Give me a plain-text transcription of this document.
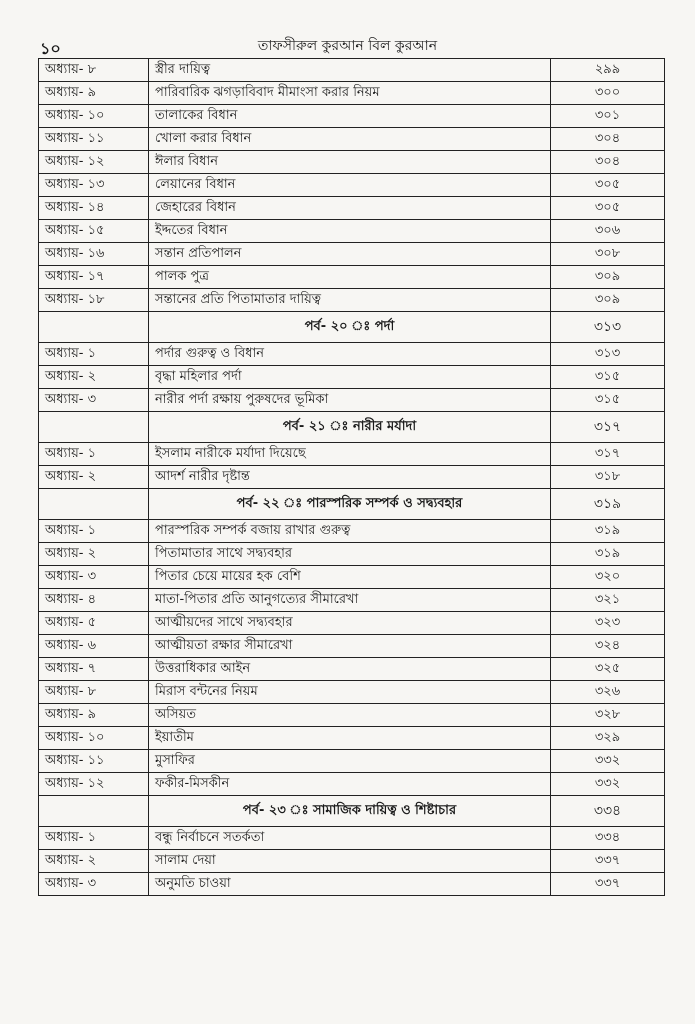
১০	তাফসীরুল কুরআন বিল কুরআন
অধ্যায়- ৮	স্ত্রীর দায়িত্ব	২৯৯
অধ্যায়- ৯	পারিবারিক ঝগড়াবিবাদ মীমাংসা করার নিয়ম	৩০০
অধ্যায়- ১০	তালাকের বিধান	৩০১
অধ্যায়- ১১	খোলা করার বিধান	৩০৪
অধ্যায়- ১২	ঈলার বিধান	৩০৪
অধ্যায়- ১৩	লেয়ানের বিধান	৩০৫
অধ্যায়- ১৪	জেহারের বিধান	৩০৫
অধ্যায়- ১৫	ইদ্দতের বিধান	৩০৬
অধ্যায়- ১৬	সন্তান প্রতিপালন	৩০৮
অধ্যায়- ১৭	পালক পুত্র	৩০৯
অধ্যায়- ১৮	সন্তানের প্রতি পিতামাতার দায়িত্ব	৩০৯
	পর্ব- ২০ ঃ পর্দা	৩১৩
অধ্যায়- ১	পর্দার গুরুত্ব ও বিধান	৩১৩
অধ্যায়- ২	বৃদ্ধা মহিলার পর্দা	৩১৫
অধ্যায়- ৩	নারীর পর্দা রক্ষায় পুরুষদের ভূমিকা	৩১৫
	পর্ব- ২১ ঃ নারীর মর্যাদা	৩১৭
অধ্যায়- ১	ইসলাম নারীকে মর্যাদা দিয়েছে	৩১৭
অধ্যায়- ২	আদর্শ নারীর দৃষ্টান্ত	৩১৮
	পর্ব- ২২ ঃ পারস্পরিক সম্পর্ক ও সদ্ব্যবহার	৩১৯
অধ্যায়- ১	পারস্পরিক সম্পর্ক বজায় রাখার গুরুত্ব	৩১৯
অধ্যায়- ২	পিতামাতার সাথে সদ্ব্যবহার	৩১৯
অধ্যায়- ৩	পিতার চেয়ে মায়ের হক বেশি	৩২০
অধ্যায়- ৪	মাতা-পিতার প্রতি আনুগত্যের সীমারেখা	৩২১
অধ্যায়- ৫	আত্মীয়দের সাথে সদ্ব্যবহার	৩২৩
অধ্যায়- ৬	আত্মীয়তা রক্ষার সীমারেখা	৩২৪
অধ্যায়- ৭	উত্তরাধিকার আইন	৩২৫
অধ্যায়- ৮	মিরাস বন্টনের নিয়ম	৩২৬
অধ্যায়- ৯	অসিয়ত	৩২৮
অধ্যায়- ১০	ইয়াতীম	৩২৯
অধ্যায়- ১১	মুসাফির	৩৩২
অধ্যায়- ১২	ফকীর-মিসকীন	৩৩২
	পর্ব- ২৩ ঃ সামাজিক দায়িত্ব ও শিষ্টাচার	৩৩৪
অধ্যায়- ১	বন্ধু নির্বাচনে সতর্কতা	৩৩৪
অধ্যায়- ২	সালাম দেয়া	৩৩৭
অধ্যায়- ৩	অনুমতি চাওয়া	৩৩৭
